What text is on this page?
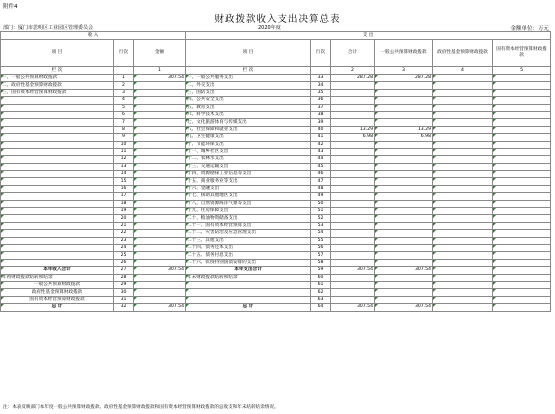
附件4
财政拨款收入支出决算总表
部门：厦门市思明区工业园区管理委员会	2020年度	金额单位：万元
收 入			支 出					
项 目	行次	金额	项 目	行次	合计	一般公共预算财政拨款	政府性基金预算财政拨款	国有资本经营预算财政拨款
栏 次		1	栏 次		2	3	4	5
一、一般公共预算财政拨款	1	307.54	一、一般公共服务支出	33	287.28	287.28		
二、政府性基金预算财政拨款	2		二、外交支出	34				
三、国有资本经营预算财政拨款	3		三、国防支出	35				
	4		四、公共安全支出	36				
	5		五、教育支出	37				
	6		六、科学技术支出	38				
	7		七、文化旅游体育与传媒支出	39				
	8		八、社会保障和就业支出	40	13.29	13.29		
	9		九、卫生健康支出	41	6.98	6.98		
	10		十、节能环保支出	42				
	11		十一、城乡社区支出	43				
	12		十二、农林水支出	44				
	13		十三、交通运输支出	45				
	14		十四、资源勘探工业信息等支出	46				
	15		十五、商业服务业等支出	47				
	16		十六、金融支出	48				
	17		十七、援助其他地区支出	49				
	18		十八、自然资源海洋气象等支出	50				
	19		十九、住房保障支出	51				
	20		二十、粮油物资储备支出	52				
	21		二十一、国有资本经营预算支出	53				
	22		二十二、灾害防治及应急管理支出	54				
	23		二十三、其他支出	55				
	24		二十四、债务还本支出	56				
	25		二十五、债务付息支出	57				
	26		二十六、抗疫特别国债安排的支出	58				
本年收入合计	27	307.54	本年支出合计	59	307.54	307.54		
年初财政拨款结转和结余	28		年末财政拨款结转和结余	60				
一般公共预算财政拨款	29			61				
政府性基金预算财政拨款	30			62				
国有资本经营预算财政拨款	31			63				
总 计	32	307.54	总 计	64	307.54	307.54		
注：本表反映部门本年度一般公共预算财政拨款、政府性基金预算财政拨款和国有资本经营预算财政拨款的总收支和年末结转结余情况。
